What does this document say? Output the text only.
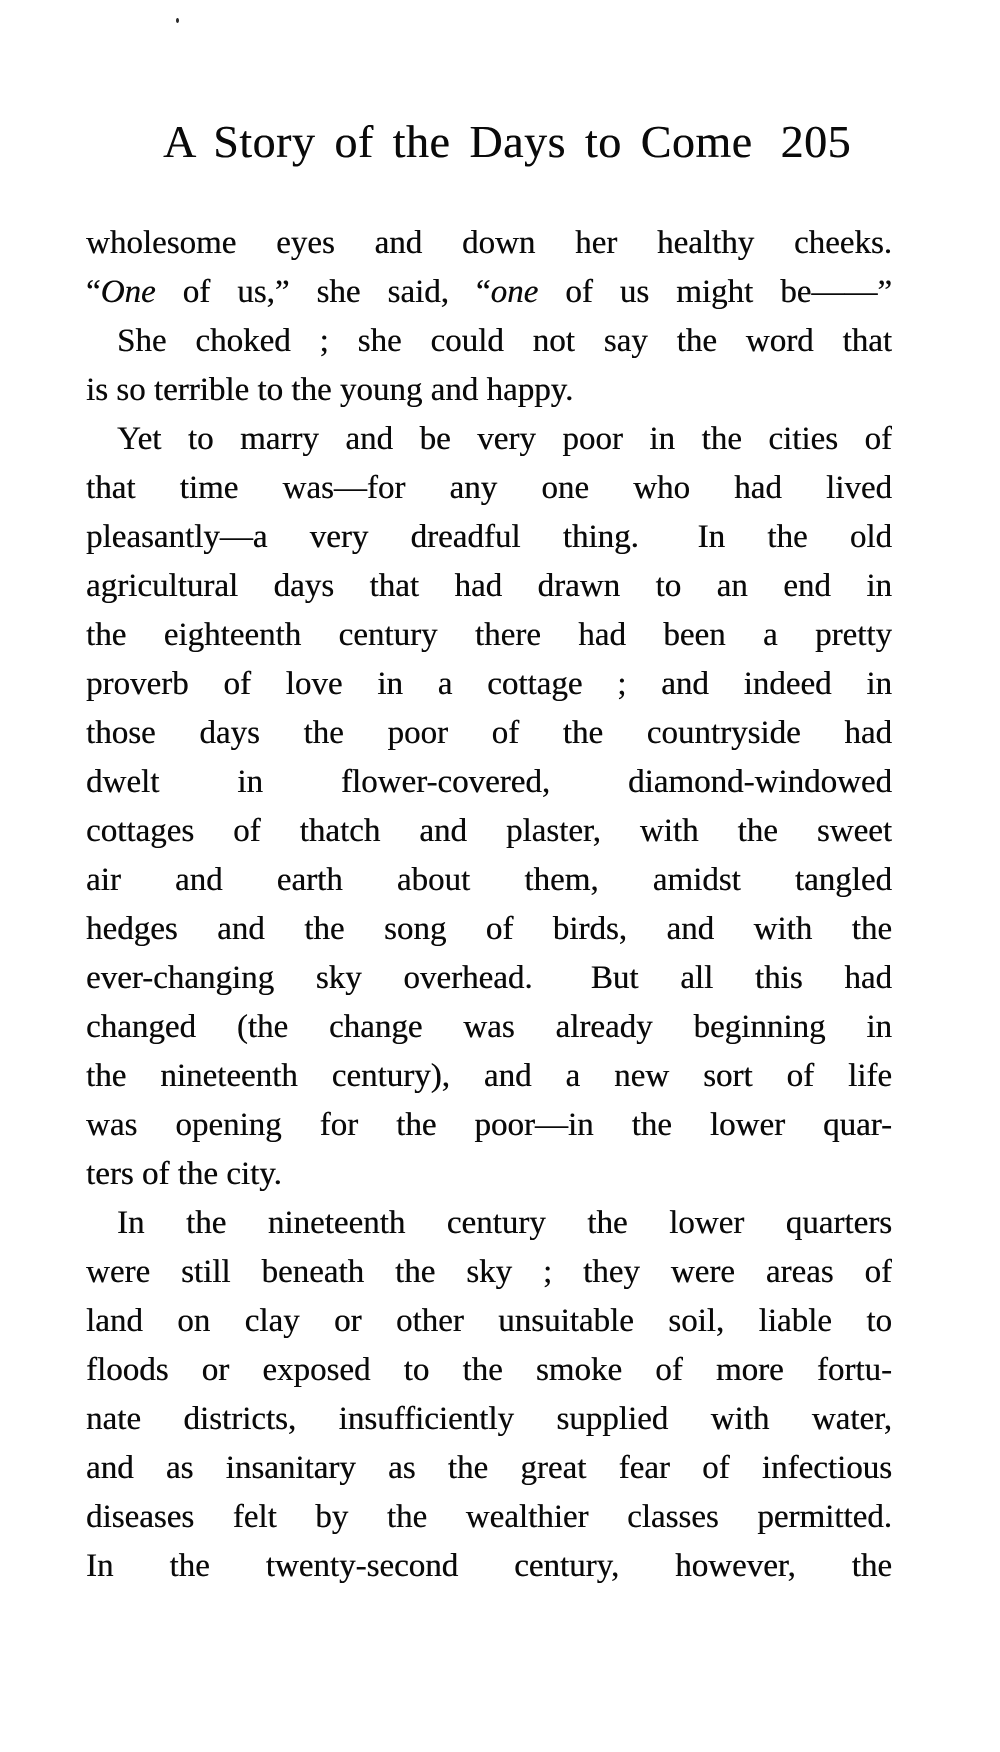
A Story of the Days to Come 205
wholesome eyes and down her healthy cheeks.
“One of us,” she said, “one of us might be——”
She choked ; she could not say the word that
is so terrible to the young and happy.
Yet to marry and be very poor in the cities of
that time was—for any one who had lived
pleasantly—a very dreadful thing.  In the old
agricultural days that had drawn to an end in
the eighteenth century there had been a pretty
proverb of love in a cottage ; and indeed in
those days the poor of the countryside had
dwelt in flower-covered, diamond-windowed
cottages of thatch and plaster, with the sweet
air and earth about them, amidst tangled
hedges and the song of birds, and with the
ever-changing sky overhead.  But all this had
changed (the change was already beginning in
the nineteenth century), and a new sort of life
was opening for the poor—in the lower quar-
ters of the city.
In the nineteenth century the lower quarters
were still beneath the sky ; they were areas of
land on clay or other unsuitable soil, liable to
floods or exposed to the smoke of more fortu-
nate districts, insufficiently supplied with water,
and as insanitary as the great fear of infectious
diseases felt by the wealthier classes permitted.
In the twenty-second century, however, the
